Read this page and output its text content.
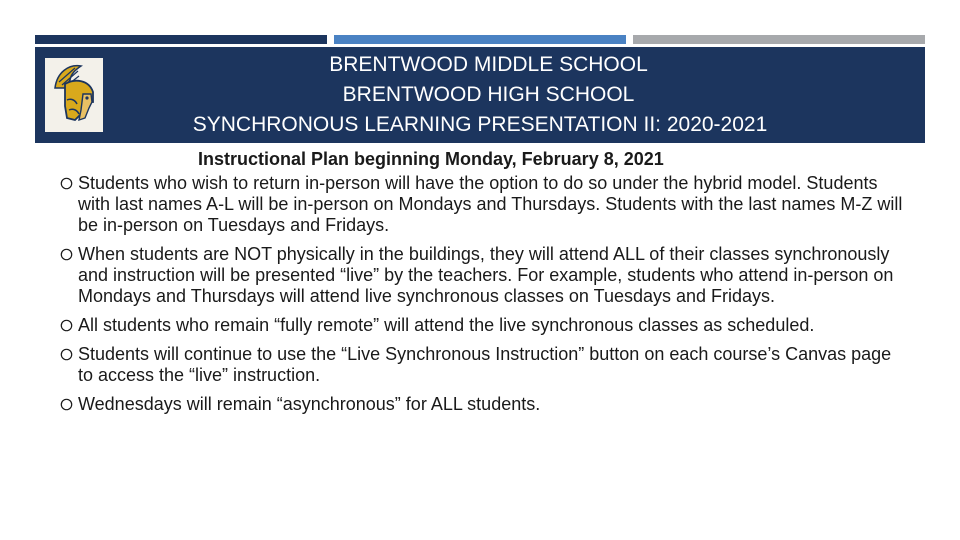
BRENTWOOD MIDDLE SCHOOL
BRENTWOOD HIGH SCHOOL
SYNCHRONOUS LEARNING PRESENTATION II: 2020-2021
Instructional Plan beginning Monday, February 8, 2021
Students who wish to return in-person will have the option to do so under the hybrid model. Students with last names A-L will be in-person on Mondays and Thursdays. Students with the last names M-Z will be in-person on Tuesdays and Fridays.
When students are NOT physically in the buildings, they will attend ALL of their classes synchronously and instruction will be presented “live” by the teachers. For example, students who attend in-person on Mondays and Thursdays will attend live synchronous classes on Tuesdays and Fridays.
All students who remain “fully remote” will attend the live synchronous classes as scheduled.
Students will continue to use the “Live Synchronous Instruction” button on each course’s Canvas page to access the “live” instruction.
Wednesdays will remain “asynchronous” for ALL students.
